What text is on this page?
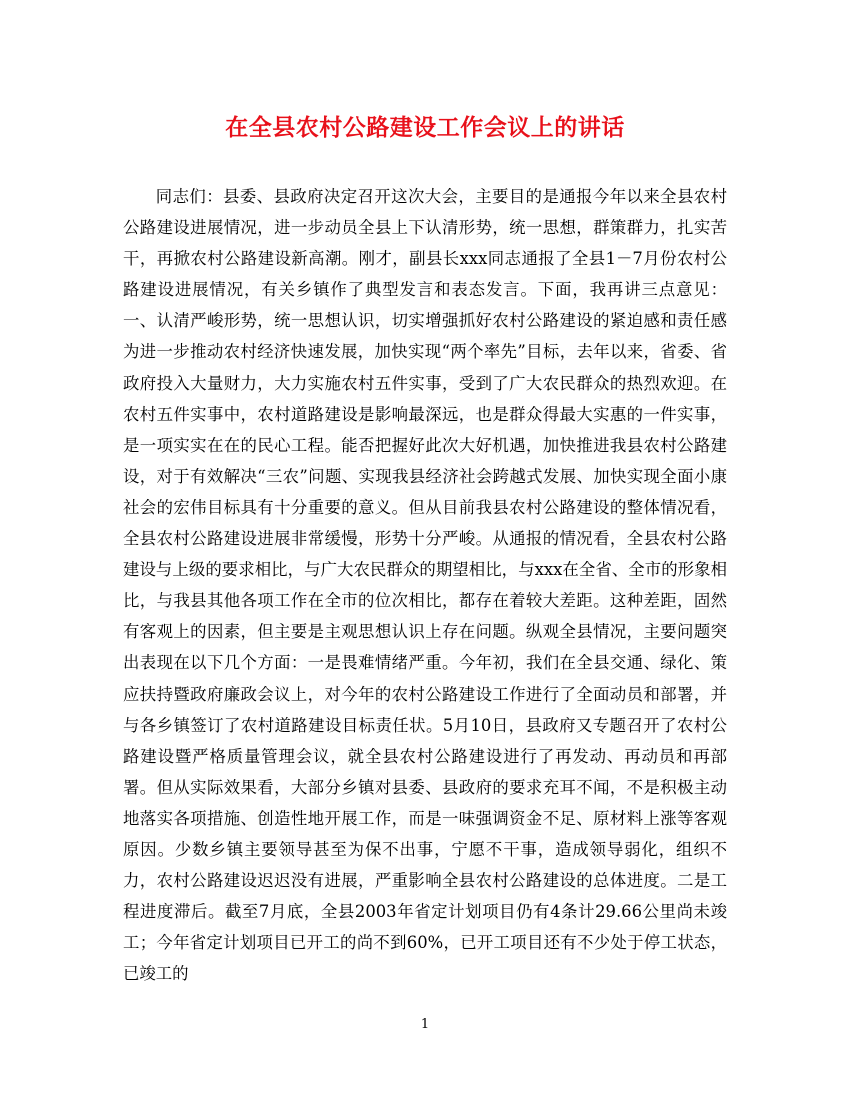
在全县农村公路建设工作会议上的讲话

同志们：县委、县政府决定召开这次大会，主要目的是通报今年以来全县农村公路建设进展情况，进一步动员全县上下认清形势，统一思想，群策群力，扎实苦干，再掀农村公路建设新高潮。刚才，副县长xxx同志通报了全县1－7月份农村公路建设进展情况，有关乡镇作了典型发言和表态发言。下面，我再讲三点意见：一、认清严峻形势，统一思想认识，切实增强抓好农村公路建设的紧迫感和责任感为进一步推动农村经济快速发展，加快实现“两个率先”目标，去年以来，省委、省政府投入大量财力，大力实施农村五件实事，受到了广大农民群众的热烈欢迎。在农村五件实事中，农村道路建设是影响最深远，也是群众得最大实惠的一件实事，是一项实实在在的民心工程。能否把握好此次大好机遇，加快推进我县农村公路建设，对于有效解决“三农”问题、实现我县经济社会跨越式发展、加快实现全面小康社会的宏伟目标具有十分重要的意义。但从目前我县农村公路建设的整体情况看，全县农村公路建设进展非常缓慢，形势十分严峻。从通报的情况看，全县农村公路建设与上级的要求相比，与广大农民群众的期望相比，与xxx在全省、全市的形象相比，与我县其他各项工作在全市的位次相比，都存在着较大差距。这种差距，固然有客观上的因素，但主要是主观思想认识上存在问题。纵观全县情况，主要问题突出表现在以下几个方面：一是畏难情绪严重。今年初，我们在全县交通、绿化、策应扶持暨政府廉政会议上，对今年的农村公路建设工作进行了全面动员和部署，并与各乡镇签订了农村道路建设目标责任状。5月10日，县政府又专题召开了农村公路建设暨严格质量管理会议，就全县农村公路建设进行了再发动、再动员和再部署。但从实际效果看，大部分乡镇对县委、县政府的要求充耳不闻，不是积极主动地落实各项措施、创造性地开展工作，而是一味强调资金不足、原材料上涨等客观原因。少数乡镇主要领导甚至为保不出事，宁愿不干事，造成领导弱化，组织不力，农村公路建设迟迟没有进展，严重影响全县农村公路建设的总体进度。二是工程进度滞后。截至7月底，全县2003年省定计划项目仍有4条计29.66公里尚未竣工；今年省定计划项目已开工的尚不到60%，已开工项目还有不少处于停工状态，已竣工的

1
